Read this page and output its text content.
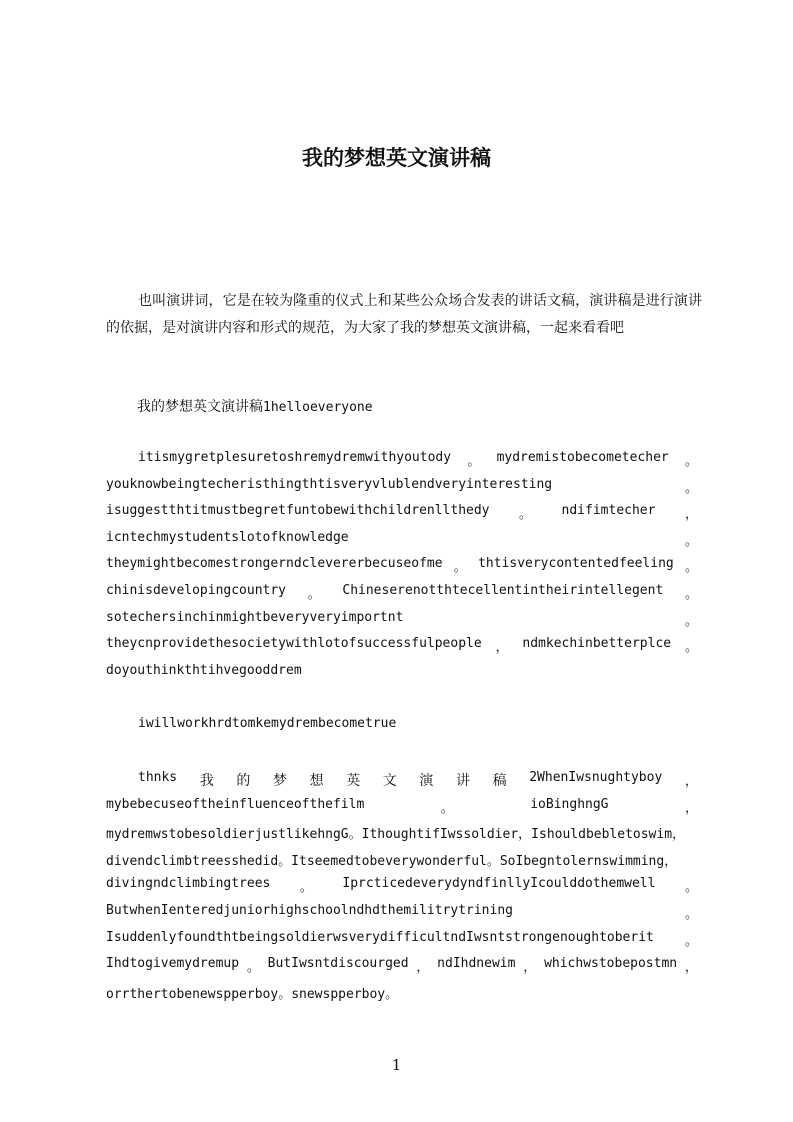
我的梦想英文演讲稿

也叫演讲词，它是在较为隆重的仪式上和某些公众场合发表的讲话文稿，演讲稿是进行演讲的依据，是对演讲内容和形式的规范，为大家了我的梦想英文演讲稿，一起来看看吧

我的梦想英文演讲稿1helloeveryone
itismygretplesuretoshremydremwithyoutody 。 mydremistobecometecher 。
youknowbeingtecheristhingthtisveryvlublendveryinteresting	。
isuggestthtitmustbegretfuntobewithchildrenllthedy 。 ndifimtecher ，
icntechmystudentslotofknowledge	。
theymightbecomestrongerndclevererbecuseofme 。 thtisverycontentedfeeling 。
chinisdevelopingcountry 。 Chineserenotthtecellentintheirintellegent 。
sotechersinchinmightbeveryveryimportnt	。
theycnprovidethesocietywithlotofsuccessfulpeople ， ndmkechinbetterplce 。
doyouthinkthtihvegooddrem
iwillworkhrdtomkemydrembecometrue
thnks 我 的 梦 想 英 文 演 讲 稿 2WhenIwsnughtyboy ，
mybebecuseoftheinfluenceofthefilm	。	ioBinghngG	，
mydremwstobesoldierjustlikehngG。IthoughtifIwssoldier，Ishouldbebletoswim，
divendclimbtreesshedid。Itseemedtobeverywonderful。SoIbegntolernswimming，
divingndclimbingtrees 。 IprcticedeverydyndfinllyIcoulddothemwell 。
ButwhenIenteredjuniorhighschoolndhdthemilitrytrining	。
IsuddenlyfoundthtbeingsoldierwsverydifficultndIwsntstrongenoughtoberit 。
Ihdtogivemydremup 。 ButIwsntdiscourged ， ndIhdnewim ， whichwstobepostmn ，
orrthertobenewspperboy。snewspperboy。
1
